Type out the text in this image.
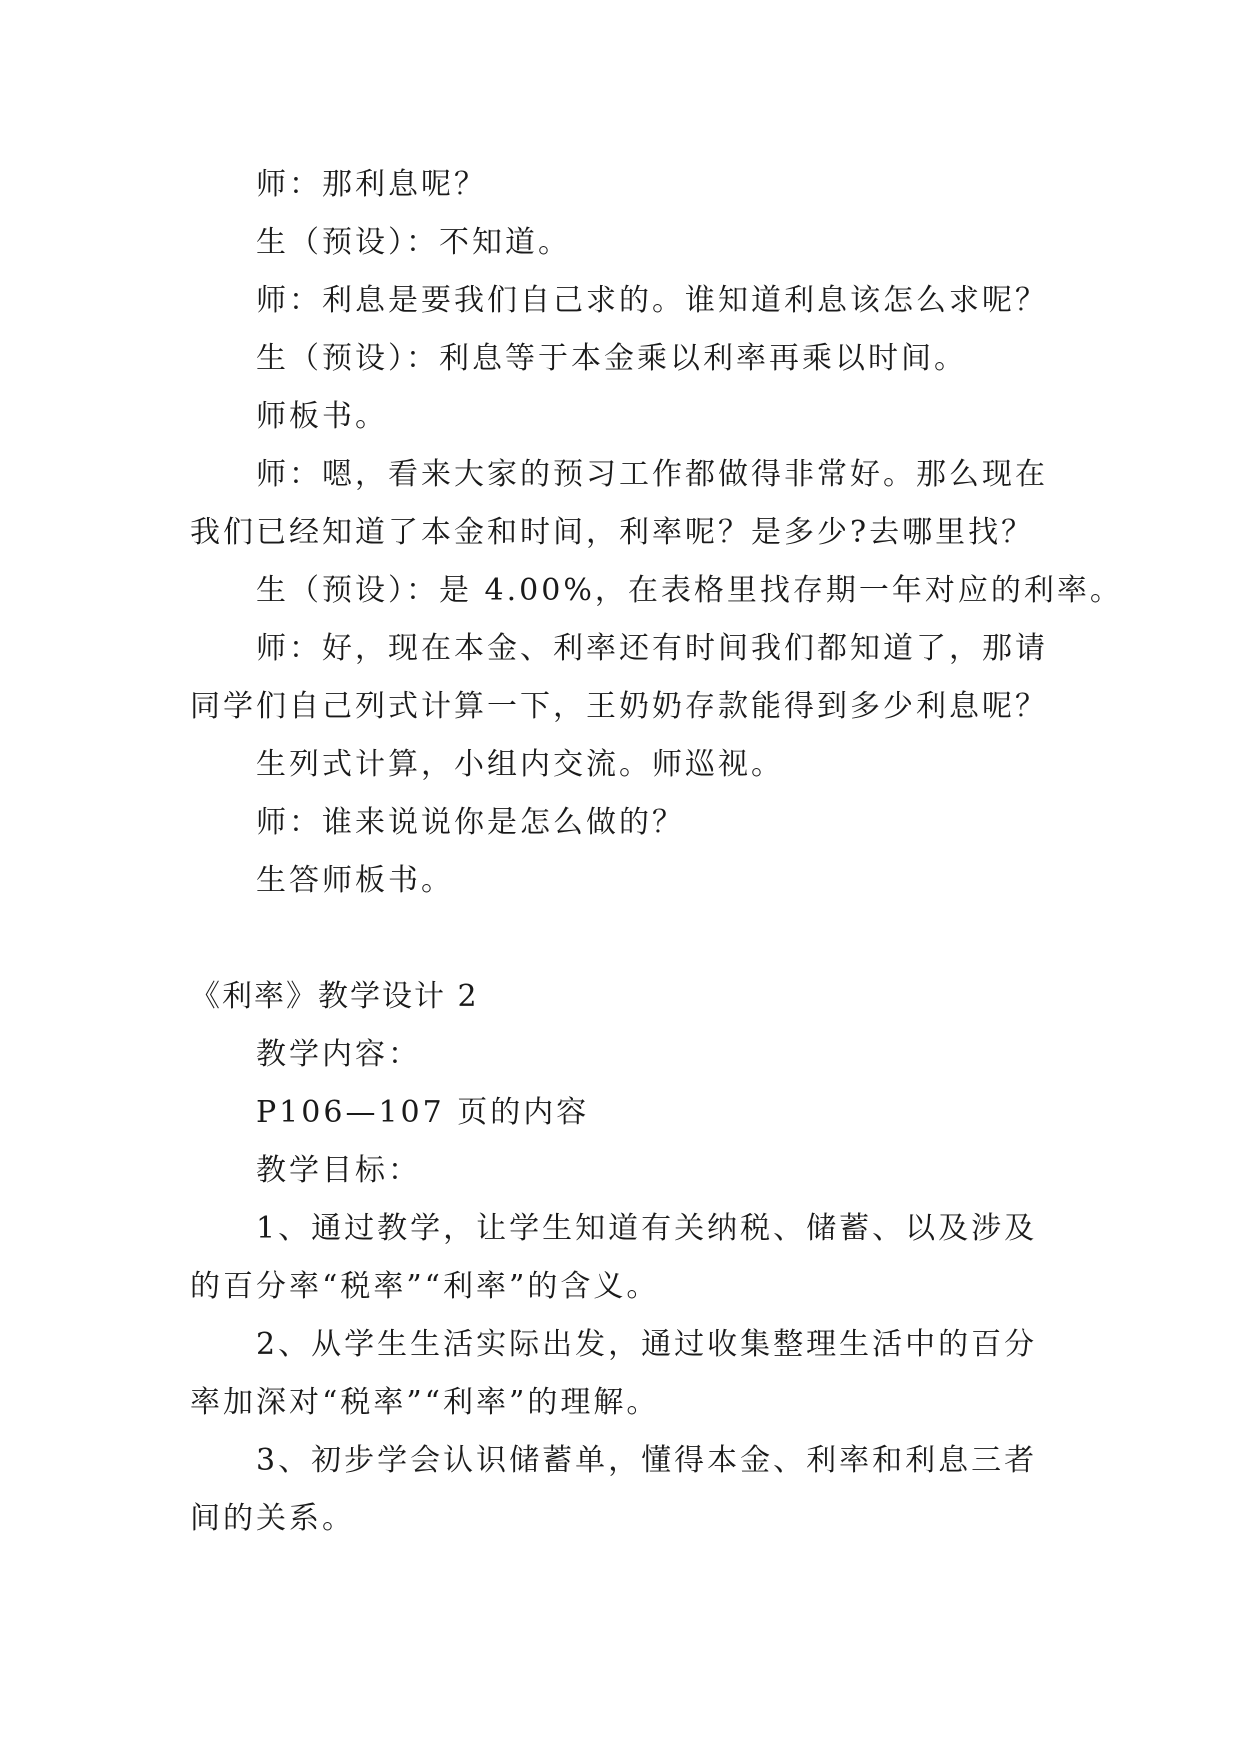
师：那利息呢？
生（预设）：不知道。
师：利息是要我们自己求的。谁知道利息该怎么求呢？
生（预设）：利息等于本金乘以利率再乘以时间。
师板书。
师：嗯，看来大家的预习工作都做得非常好。那么现在
我们已经知道了本金和时间，利率呢？是多少?去哪里找？
生（预设）：是 4.00%，在表格里找存期一年对应的利率。
师：好，现在本金、利率还有时间我们都知道了，那请
同学们自己列式计算一下，王奶奶存款能得到多少利息呢？
生列式计算，小组内交流。师巡视。
师：谁来说说你是怎么做的？
生答师板书。
《利率》教学设计 2
教学内容：
P106—107 页的内容
教学目标：
1、通过教学，让学生知道有关纳税、储蓄、以及涉及
的百分率“税率”“利率”的含义。
2、从学生生活实际出发，通过收集整理生活中的百分
率加深对“税率”“利率”的理解。
3、初步学会认识储蓄单，懂得本金、利率和利息三者
间的关系。
